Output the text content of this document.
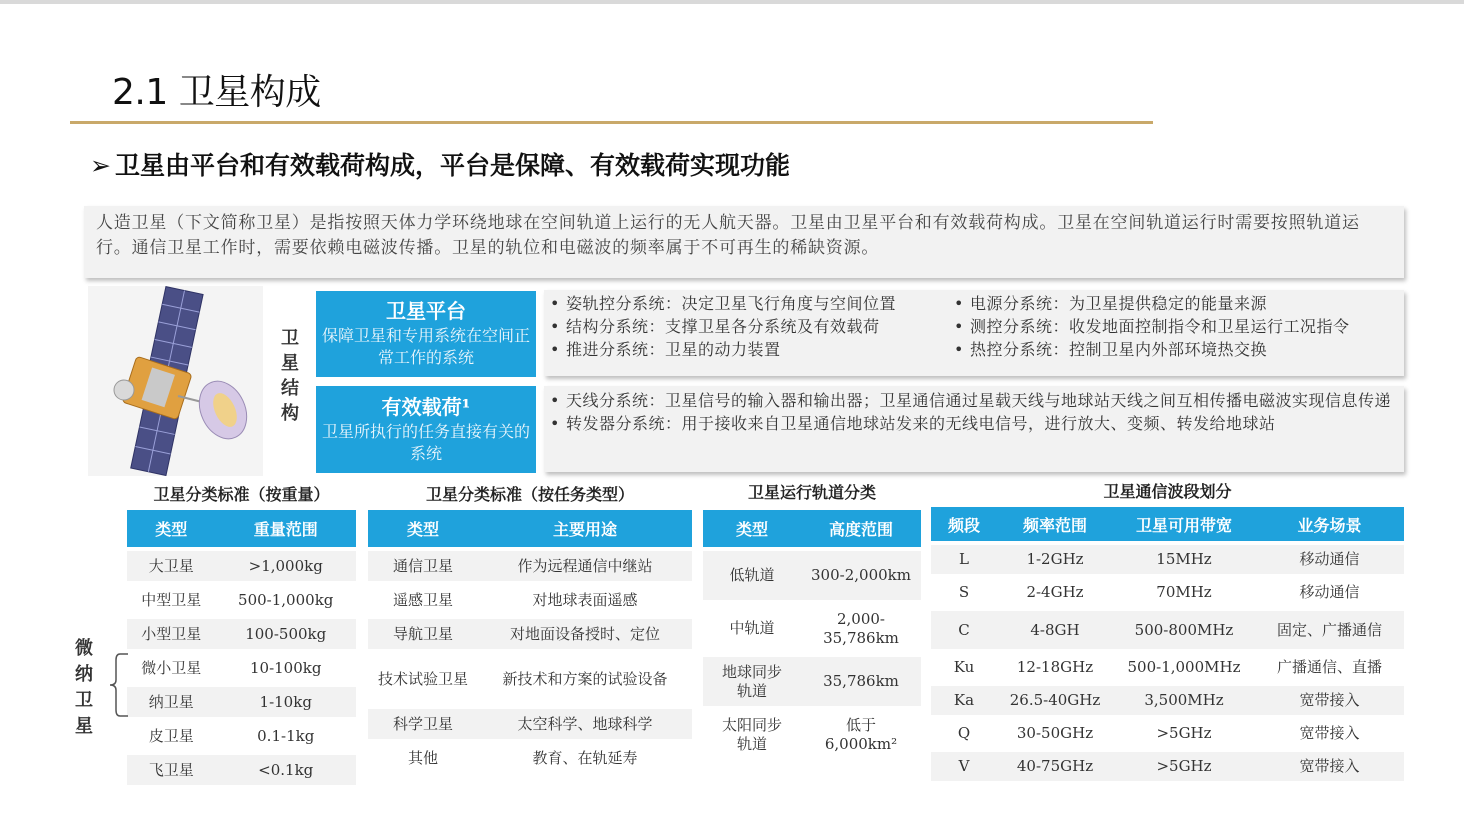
2.1 卫星构成
➢ 卫星由平台和有效载荷构成，平台是保障、有效载荷实现功能
人造卫星（下文简称卫星）是指按照天体力学环绕地球在空间轨道上运行的无人航天器。卫星由卫星平台和有效载荷构成。卫星在空间轨道运行时需要按照轨道运行。通信卫星工作时，需要依赖电磁波传播。卫星的轨位和电磁波的频率属于不可再生的稀缺资源。
卫星结构
卫星平台
保障卫星和专用系统在空间正常工作的系统
有效载荷¹
卫星所执行的任务直接有关的系统
• 姿轨控分系统：决定卫星飞行角度与空间位置
• 结构分系统：支撑卫星各分系统及有效载荷
• 推进分系统：卫星的动力装置
• 电源分系统：为卫星提供稳定的能量来源
• 测控分系统：收发地面控制指令和卫星运行工况指令
• 热控分系统：控制卫星内外部环境热交换
• 天线分系统：卫星信号的输入器和输出器；卫星通信通过星载天线与地球站天线之间互相传播电磁波实现信息传递
• 转发器分系统：用于接收来自卫星通信地球站发来的无线电信号，进行放大、变频、转发给地球站
卫星分类标准（按重量）	卫星分类标准（按任务类型）	卫星运行轨道分类	卫星通信波段划分
类型	重量范围
大卫星	>1,000kg
中型卫星	500-1,000kg
小型卫星	100-500kg
微小卫星	10-100kg
纳卫星	1-10kg
皮卫星	0.1-1kg
飞卫星	<0.1kg
微纳卫星
类型	主要用途
通信卫星	作为远程通信中继站
遥感卫星	对地球表面遥感
导航卫星	对地面设备授时、定位
技术试验卫星	新技术和方案的试验设备
科学卫星	太空科学、地球科学
其他	教育、在轨延寿
类型	高度范围
低轨道	300-2,000km
中轨道	2,000-35,786km
地球同步轨道	35,786km
太阳同步轨道	低于6,000km²
频段	频率范围	卫星可用带宽	业务场景
L	1-2GHz	15MHz	移动通信
S	2-4GHz	70MHz	移动通信
C	4-8GH	500-800MHz	固定、广播通信
Ku	12-18GHz	500-1,000MHz	广播通信、直播
Ka	26.5-40GHz	3,500MHz	宽带接入
Q	30-50GHz	>5GHz	宽带接入
V	40-75GHz	>5GHz	宽带接入
